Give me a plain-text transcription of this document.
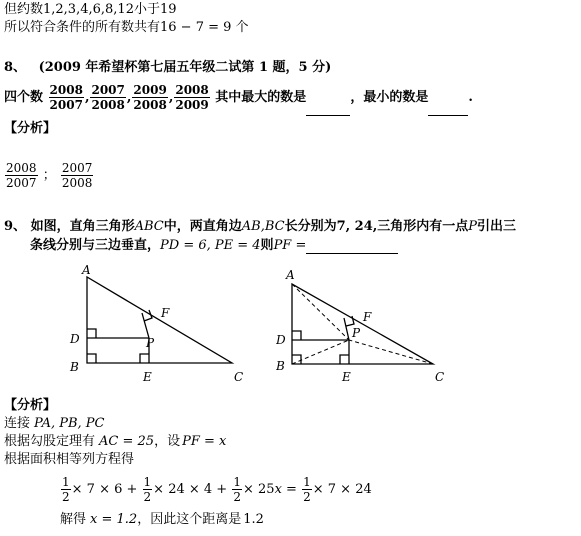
但约数1,2,3,4,6,8,12小于19
所以符合条件的所有数共有16 − 7 = 9 个
8、 (2009 年希望杯第七届五年级二试第 1 题，5 分)
四个数 $\frac{2008}{2007}$ , $\frac{2007}{2008}$ , $\frac{2009}{2008}$ , $\frac{2008}{2009}$ 其中最大的数是	，最小的数是	.
【分析】
$\frac{2008}{2007}$ ； $\frac{2007}{2008}$
9、 如图，直角三角形ABC中，两直角边AB,BC长分别为7, 24,三角形内有一点P引出三
条线分别与三边垂直，PD = 6, PE = 4则PF =
A
D
B
E	C
F
P
A
D
B
E	C
F
P
【分析】
连接 PA, PB, PC
根据勾股定理有 AC = 25，设 PF = x
根据面积相等列方程得
$\frac{1}{2} \times 7 \times 6 + \frac{1}{2} \times 24 \times 4 + \frac{1}{2} \times 25x = \frac{1}{2} \times 7 \times 24$
解得 x = 1.2，因此这个距离是 1.2
